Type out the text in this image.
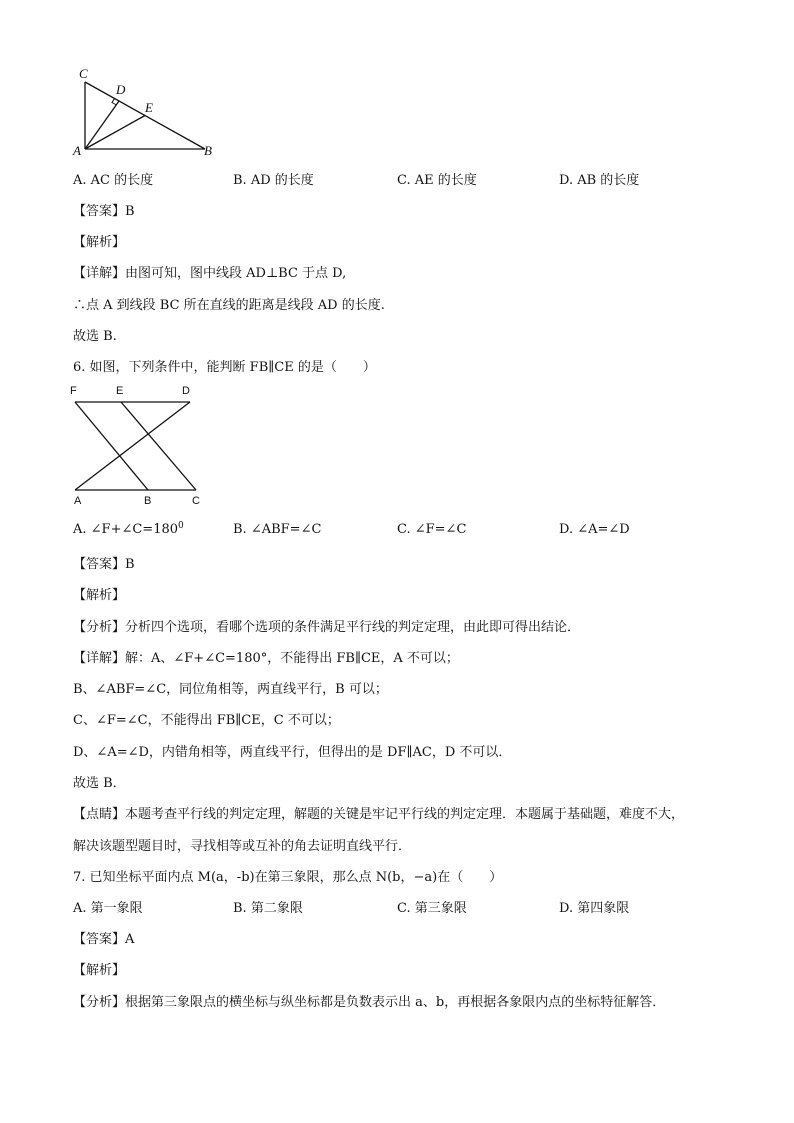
C
D
E
A	B
A. AC 的长度	B. AD 的长度	C. AE 的长度	D. AB 的长度
【答案】B
【解析】
【详解】由图可知，图中线段 AD⊥BC 于点 D,
∴点 A 到线段 BC 所在直线的距离是线段 AD 的长度.
故选 B.
6. 如图，下列条件中，能判断 FB∥CE 的是（　　）
F	E	D
A	B	C
A. $\angle F+\angle C=180^0$	B. ∠ABF=∠C	C. ∠F=∠C	D. ∠A=∠D
【答案】B
【解析】
【分析】分析四个选项，看哪个选项的条件满足平行线的判定定理，由此即可得出结论．
【详解】解：A、∠F+∠C=180°，不能得出 FB∥CE，A 不可以；
B、∠ABF=∠C，同位角相等，两直线平行，B 可以；
C、∠F=∠C，不能得出 FB∥CE，C 不可以；
D、∠A=∠D，内错角相等，两直线平行，但得出的是 DF∥AC，D 不可以．
故选 B．
【点睛】本题考查平行线的判定定理，解题的关键是牢记平行线的判定定理．本题属于基础题，难度不大，
解决该题型题目时，寻找相等或互补的角去证明直线平行．
7. 已知坐标平面内点 M(a，-b)在第三象限，那么点 N(b，−a)在（　　）
A. 第一象限	B. 第二象限	C. 第三象限	D. 第四象限
【答案】A
【解析】
【分析】根据第三象限点的横坐标与纵坐标都是负数表示出 a、b，再根据各象限内点的坐标特征解答．
